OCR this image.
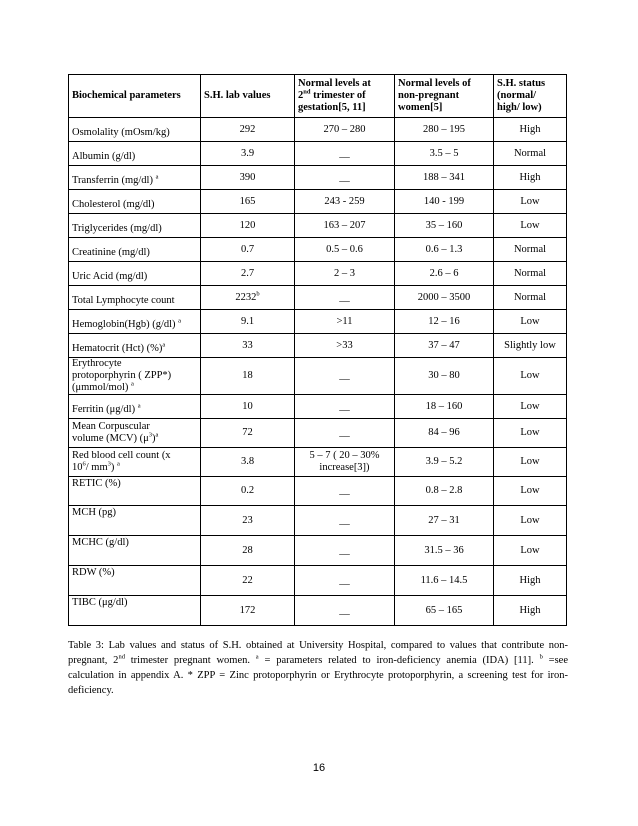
Biochemical parameters	S.H. lab values	Normal levels at
2nd trimester of
gestation[5, 11]	Normal levels of
non-pregnant
women[5]	S.H. status
(normal/
high/ low)
Osmolality (mOsm/kg)	292	270 – 280	280 – 195	High
Albumin (g/dl)	3.9	__	3.5 – 5	Normal
Transferrin (mg/dl) $^a$	390	__	188 – 341	High
Cholesterol (mg/dl)	165	243 - 259	140 - 199	Low
Triglycerides (mg/dl)	120	163 – 207	35 – 160	Low
Creatinine (mg/dl)	0.7	0.5 – 0.6	0.6 – 1.3	Normal
Uric Acid (mg/dl)	2.7	2 – 3	2.6 – 6	Normal
Total Lymphocyte count	2232$^b$	__	2000 – 3500	Normal
Hemoglobin(Hgb) (g/dl) $^a$	9.1	>11	12 – 16	Low
Hematocrit (Hct) (%)$^a$	33	>33	37 – 47	Slightly low
Erythrocyte
protoporphyrin ( ZPP*)
(μmmol/mol) $^a$	18	__	30 – 80	Low
Ferritin (μg/dl) $^a$	10	__	18 – 160	Low
Mean Corpuscular
volume (MCV) $(\mu^3)^a$	72	__	84 – 96	Low
Red blood cell count (x
$10^6/$ $mm^3$) $^a$	3.8	5 – 7 ( 20 – 30%
increase[3])	3.9 – 5.2	Low
RETIC (%)	0.2	__	0.8 – 2.8	Low
MCH (pg)	23	__	27 – 31	Low
MCHC (g/dl)	28	__	31.5 – 36	Low
RDW (%)	22	__	11.6 – 14.5	High
TIBC (μg/dl)	172	__	65 – 165	High

Table 3: Lab values and status of S.H. obtained at University Hospital, compared to values that contribute non-pregnant, 2nd trimester pregnant women. $^a$ = parameters related to iron-deficiency anemia (IDA) [11]. $^b$ =see calculation in appendix A. * ZPP = Zinc protoporphyrin or Erythrocyte protoporphyrin, a screening test for iron-deficiency.

16
